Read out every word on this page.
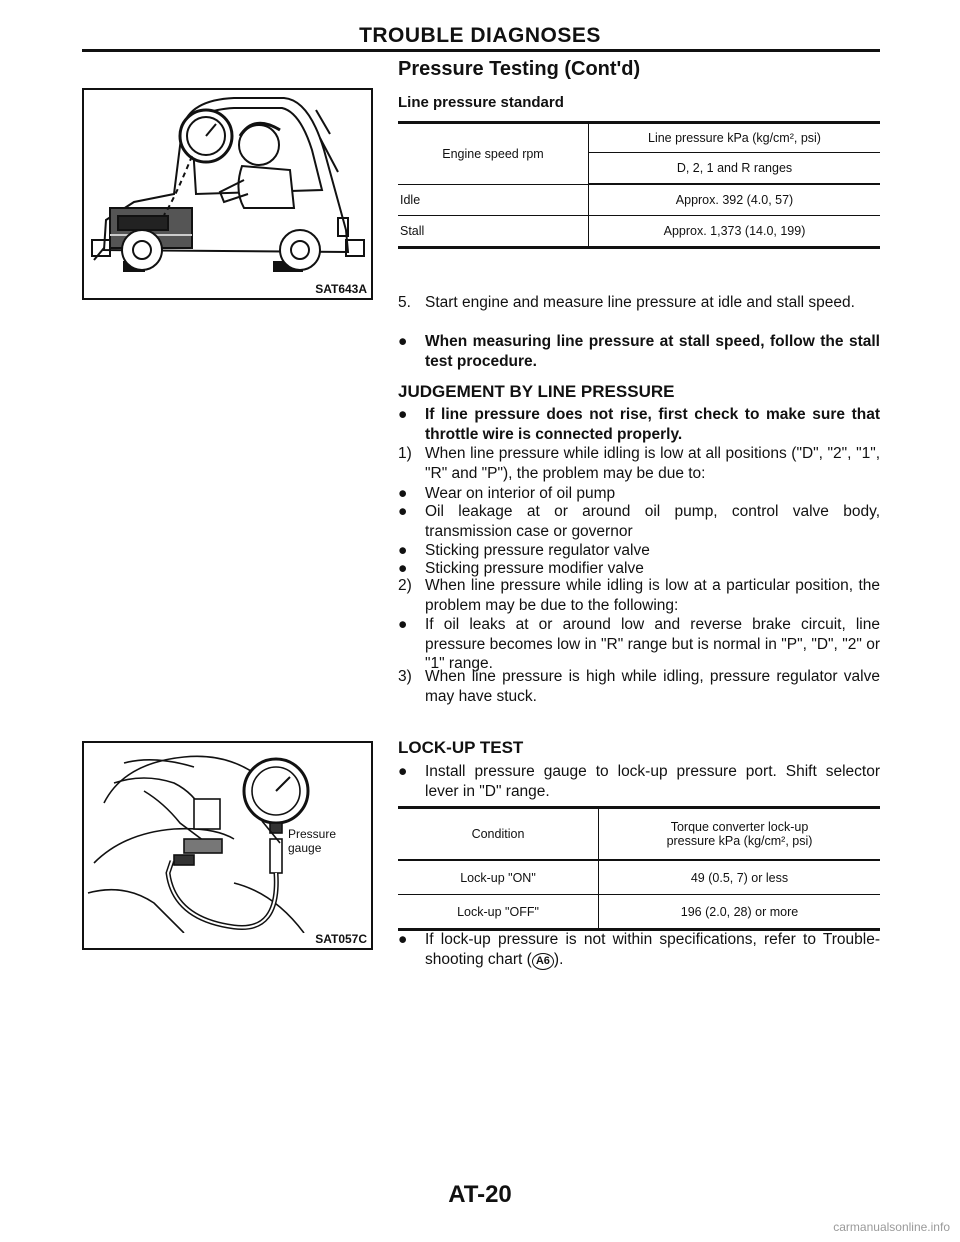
TROUBLE DIAGNOSES
Pressure Testing (Cont'd)
Line pressure standard
SAT643A
Engine speed rpm	Line pressure kPa (kg/cm², psi)
	D, 2, 1 and R ranges
Idle	Approx. 392 (4.0, 57)
Stall	Approx. 1,373 (14.0, 199)
5. Start engine and measure line pressure at idle and stall speed.
● When measuring line pressure at stall speed, follow the stall test procedure.
JUDGEMENT BY LINE PRESSURE
● If line pressure does not rise, first check to make sure that throttle wire is connected properly.
1) When line pressure while idling is low at all positions ("D", "2", "1", "R" and "P"), the problem may be due to:
● Wear on interior of oil pump
● Oil leakage at or around oil pump, control valve body, transmission case or governor
● Sticking pressure regulator valve
● Sticking pressure modifier valve
2) When line pressure while idling is low at a particular position, the problem may be due to the following:
● If oil leaks at or around low and reverse brake circuit, line pressure becomes low in "R" range but is normal in "P", "D", "2" or "1" range.
3) When line pressure is high while idling, pressure regulator valve may have stuck.
Pressure gauge
SAT057C
LOCK-UP TEST
● Install pressure gauge to lock-up pressure port. Shift selector lever in "D" range.
Condition	Torque converter lock-up pressure kPa (kg/cm², psi)
Lock-up "ON"	49 (0.5, 7) or less
Lock-up "OFF"	196 (2.0, 28) or more
● If lock-up pressure is not within specifications, refer to Trouble-shooting chart ( A6 ).
AT-20
carmanualsonline.info
